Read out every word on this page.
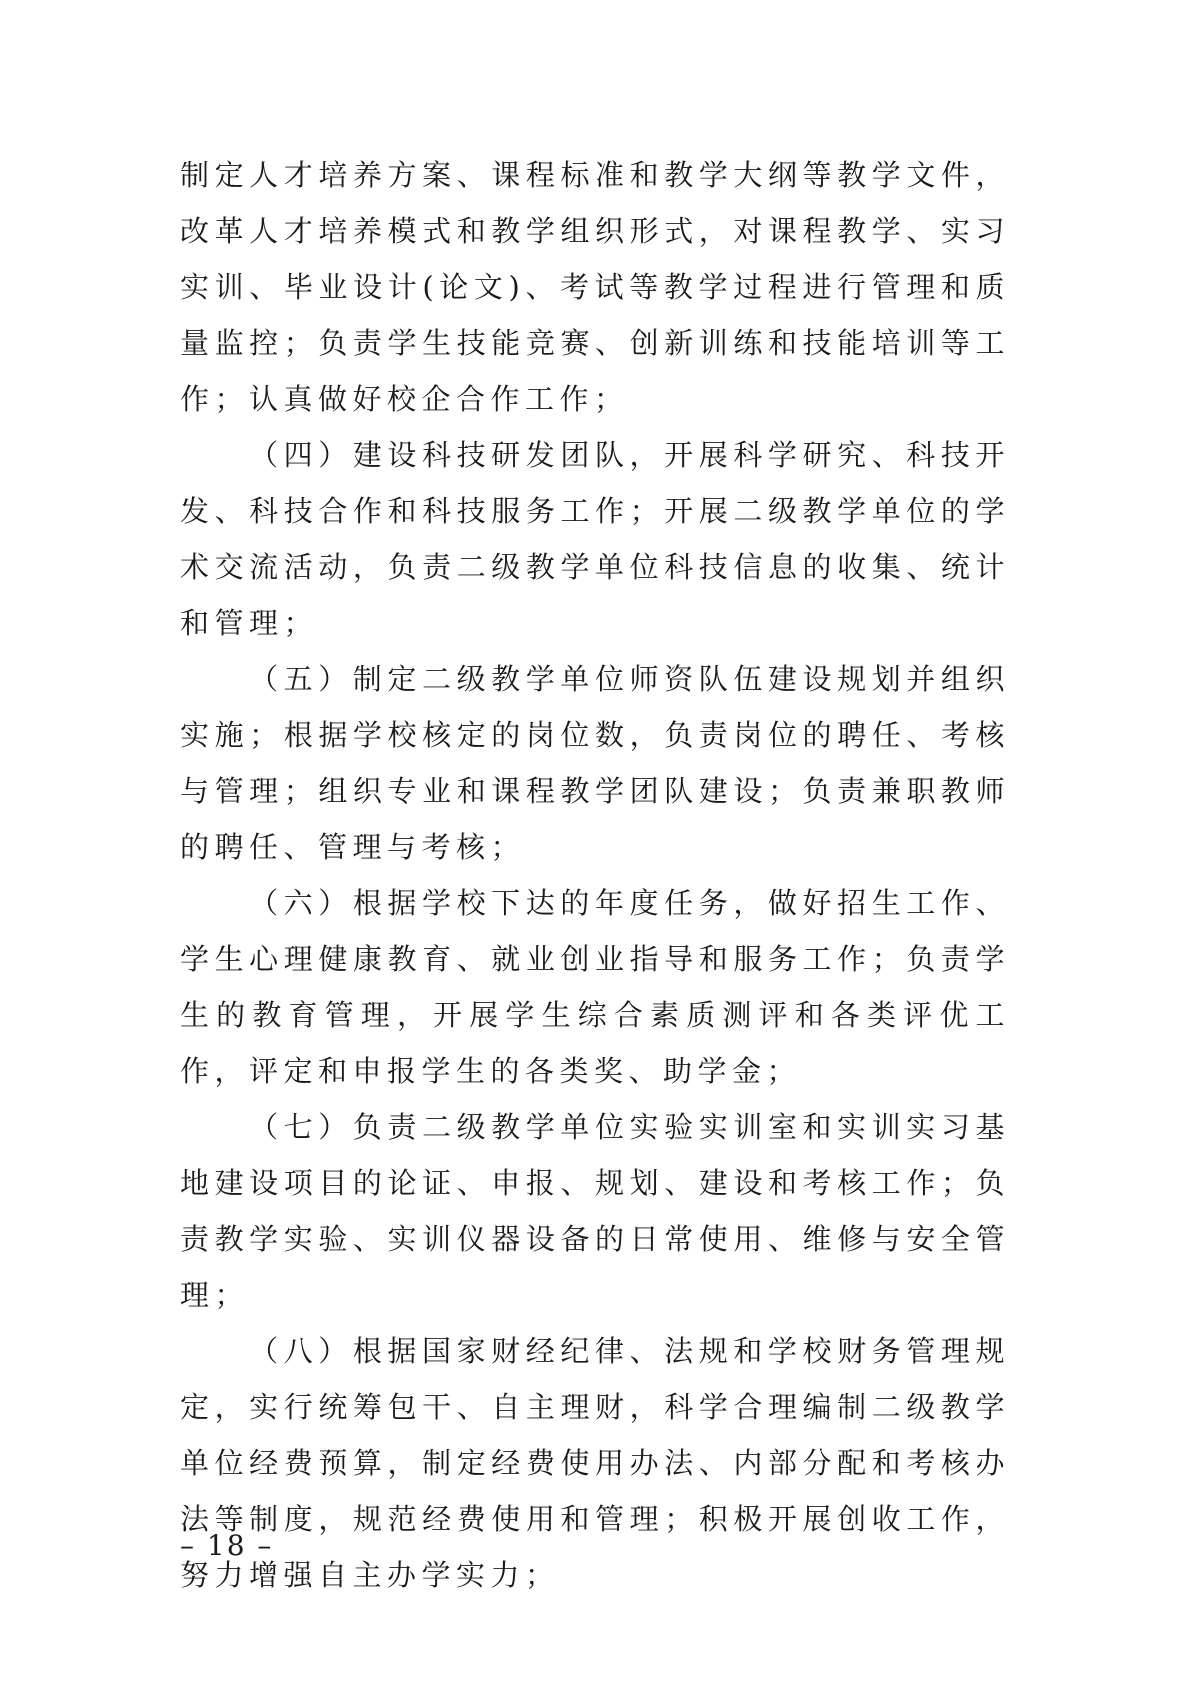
制定人才培养方案、课程标准和教学大纲等教学文件，改革人才培养模式和教学组织形式，对课程教学、实习实训、毕业设计(论文)、考试等教学过程进行管理和质量监控；负责学生技能竞赛、创新训练和技能培训等工作；认真做好校企合作工作；

（四）建设科技研发团队，开展科学研究、科技开发、科技合作和科技服务工作；开展二级教学单位的学术交流活动，负责二级教学单位科技信息的收集、统计和管理；

（五）制定二级教学单位师资队伍建设规划并组织实施；根据学校核定的岗位数，负责岗位的聘任、考核与管理；组织专业和课程教学团队建设；负责兼职教师的聘任、管理与考核；

（六）根据学校下达的年度任务，做好招生工作、学生心理健康教育、就业创业指导和服务工作；负责学生的教育管理，开展学生综合素质测评和各类评优工作，评定和申报学生的各类奖、助学金；

（七）负责二级教学单位实验实训室和实训实习基地建设项目的论证、申报、规划、建设和考核工作；负责教学实验、实训仪器设备的日常使用、维修与安全管理；

（八）根据国家财经纪律、法规和学校财务管理规定，实行统筹包干、自主理财，科学合理编制二级教学单位经费预算，制定经费使用办法、内部分配和考核办法等制度，规范经费使用和管理；积极开展创收工作，努力增强自主办学实力；

– 18 –
